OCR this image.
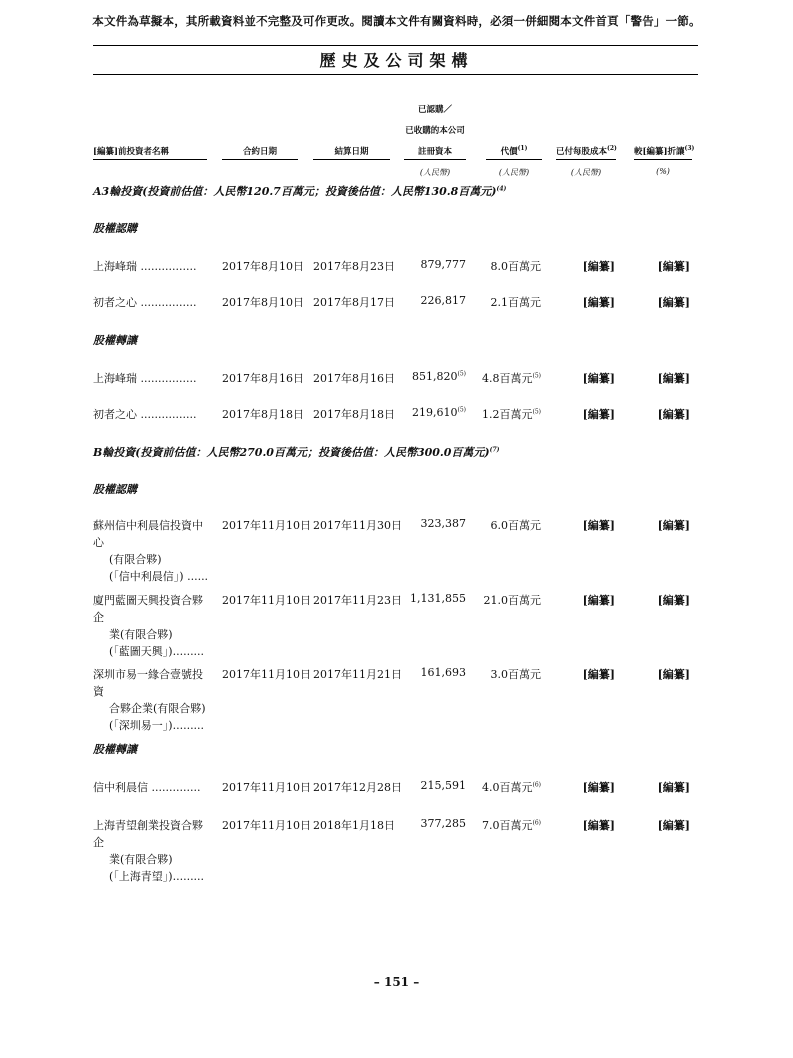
本文件為草擬本，其所載資料並不完整及可作更改。閱讀本文件有關資料時，必須一併細閱本文件首頁「警告」一節。
歷史及公司架構
已認購／
已收購的本公司
[編纂]前投資者名稱	合約日期	結算日期	註冊資本	代價$^{(1)}$	已付每股成本$^{(2)}$ 較[編纂]折讓$^{(3)}$
(人民幣)	(人民幣)	(人民幣)	(%)
A3輪投資(投資前估值：人民幣120.7百萬元；投資後估值：人民幣130.8百萬元)$^{(4)}$
股權認購
上海峰瑞 ................	2017年8月10日 2017年8月23日 879,777 8.0百萬元	[編纂]	[編纂]
初者之心 ................	2017年8月10日 2017年8月17日 226,817 2.1百萬元	[編纂]	[編纂]
股權轉讓
上海峰瑞 ................	2017年8月16日 2017年8月16日 851,820$^{(5)}$ 4.8百萬元$^{(5)}$	[編纂]	[編纂]
初者之心 ................	2017年8月18日 2017年8月18日 219,610$^{(5)}$ 1.2百萬元$^{(5)}$	[編纂]	[編纂]
B輪投資(投資前估值：人民幣270.0百萬元；投資後估值：人民幣300.0百萬元)$^{(7)}$
股權認購
蘇州信中利晨信投資中心
(有限合夥)
(「信中利晨信」) ......
2017年11月10日 2017年11月30日 323,387 6.0百萬元	[編纂]	[編纂]
廈門藍圖天興投資合夥企
業(有限合夥)
(「藍圖天興」).........
2017年11月10日 2017年11月23日 1,131,855 21.0百萬元	[編纂]	[編纂]
深圳市易一緣合壹號投資
合夥企業(有限合夥)
(「深圳易一」).........
2017年11月10日 2017年11月21日 161,693 3.0百萬元	[編纂]	[編纂]
股權轉讓
信中利晨信 ..............	2017年11月10日 2017年12月28日 215,591 4.0百萬元$^{(6)}$	[編纂]	[編纂]
上海青望創業投資合夥企
業(有限合夥)
(「上海青望」).........
2017年11月10日 2018年1月18日 377,285 7.0百萬元$^{(6)}$	[編纂]	[編纂]
– 151 –
